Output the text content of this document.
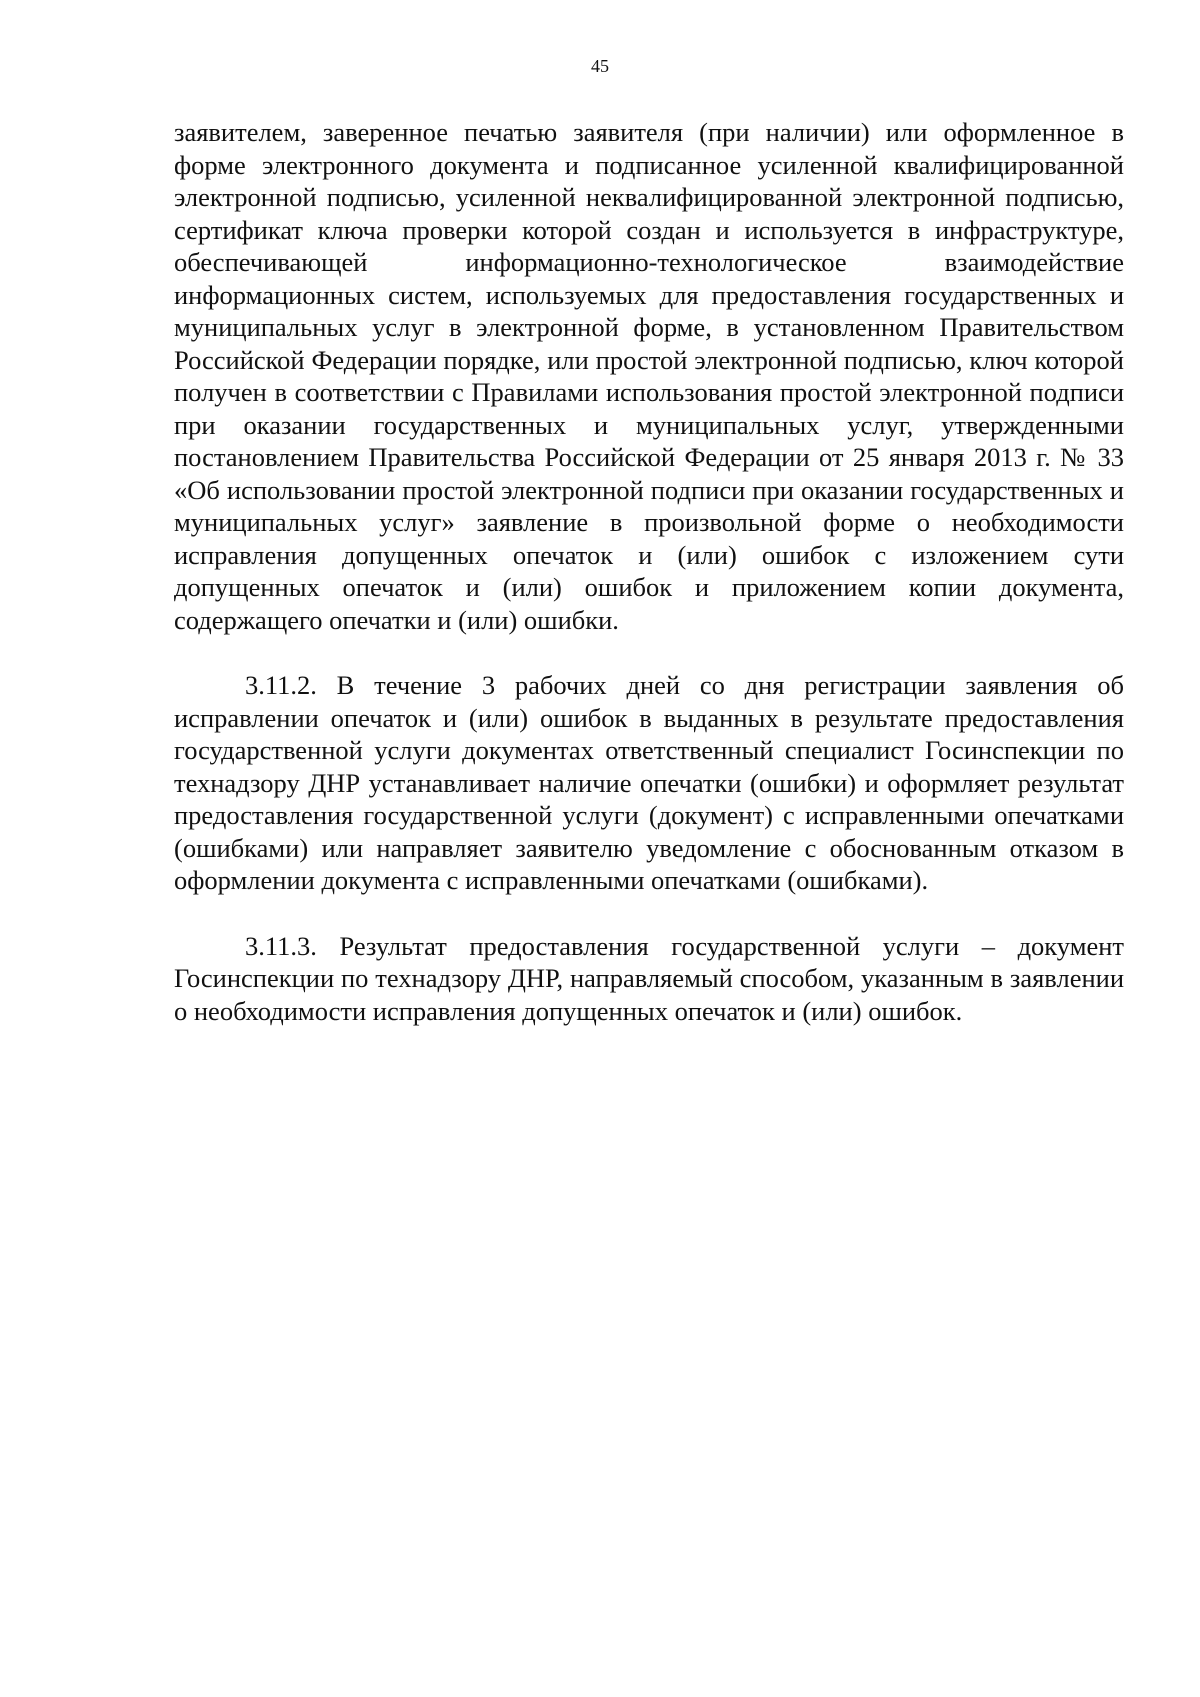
45

заявителем, заверенное печатью заявителя (при наличии) или оформленное в форме электронного документа и подписанное усиленной квалифицированной электронной подписью, усиленной неквалифицированной электронной подписью, сертификат ключа проверки которой создан и используется в инфраструктуре, обеспечивающей информационно-технологическое взаимодействие информационных систем, используемых для предоставления государственных и муниципальных услуг в электронной форме, в установленном Правительством Российской Федерации порядке, или простой электронной подписью, ключ которой получен в соответствии с Правилами использования простой электронной подписи при оказании государственных и муниципальных услуг, утвержденными постановлением Правительства Российской Федерации от 25 января 2013 г. № 33 «Об использовании простой электронной подписи при оказании государственных и муниципальных услуг» заявление в произвольной форме о необходимости исправления допущенных опечаток и (или) ошибок с изложением сути допущенных опечаток и (или) ошибок и приложением копии документа, содержащего опечатки и (или) ошибки.

3.11.2. В течение 3 рабочих дней со дня регистрации заявления об исправлении опечаток и (или) ошибок в выданных в результате предоставления государственной услуги документах ответственный специалист Госинспекции по технадзору ДНР устанавливает наличие опечатки (ошибки) и оформляет результат предоставления государственной услуги (документ) с исправленными опечатками (ошибками) или направляет заявителю уведомление с обоснованным отказом в оформлении документа с исправленными опечатками (ошибками).

3.11.3. Результат предоставления государственной услуги – документ Госинспекции по технадзору ДНР, направляемый способом, указанным в заявлении о необходимости исправления допущенных опечаток и (или) ошибок.
